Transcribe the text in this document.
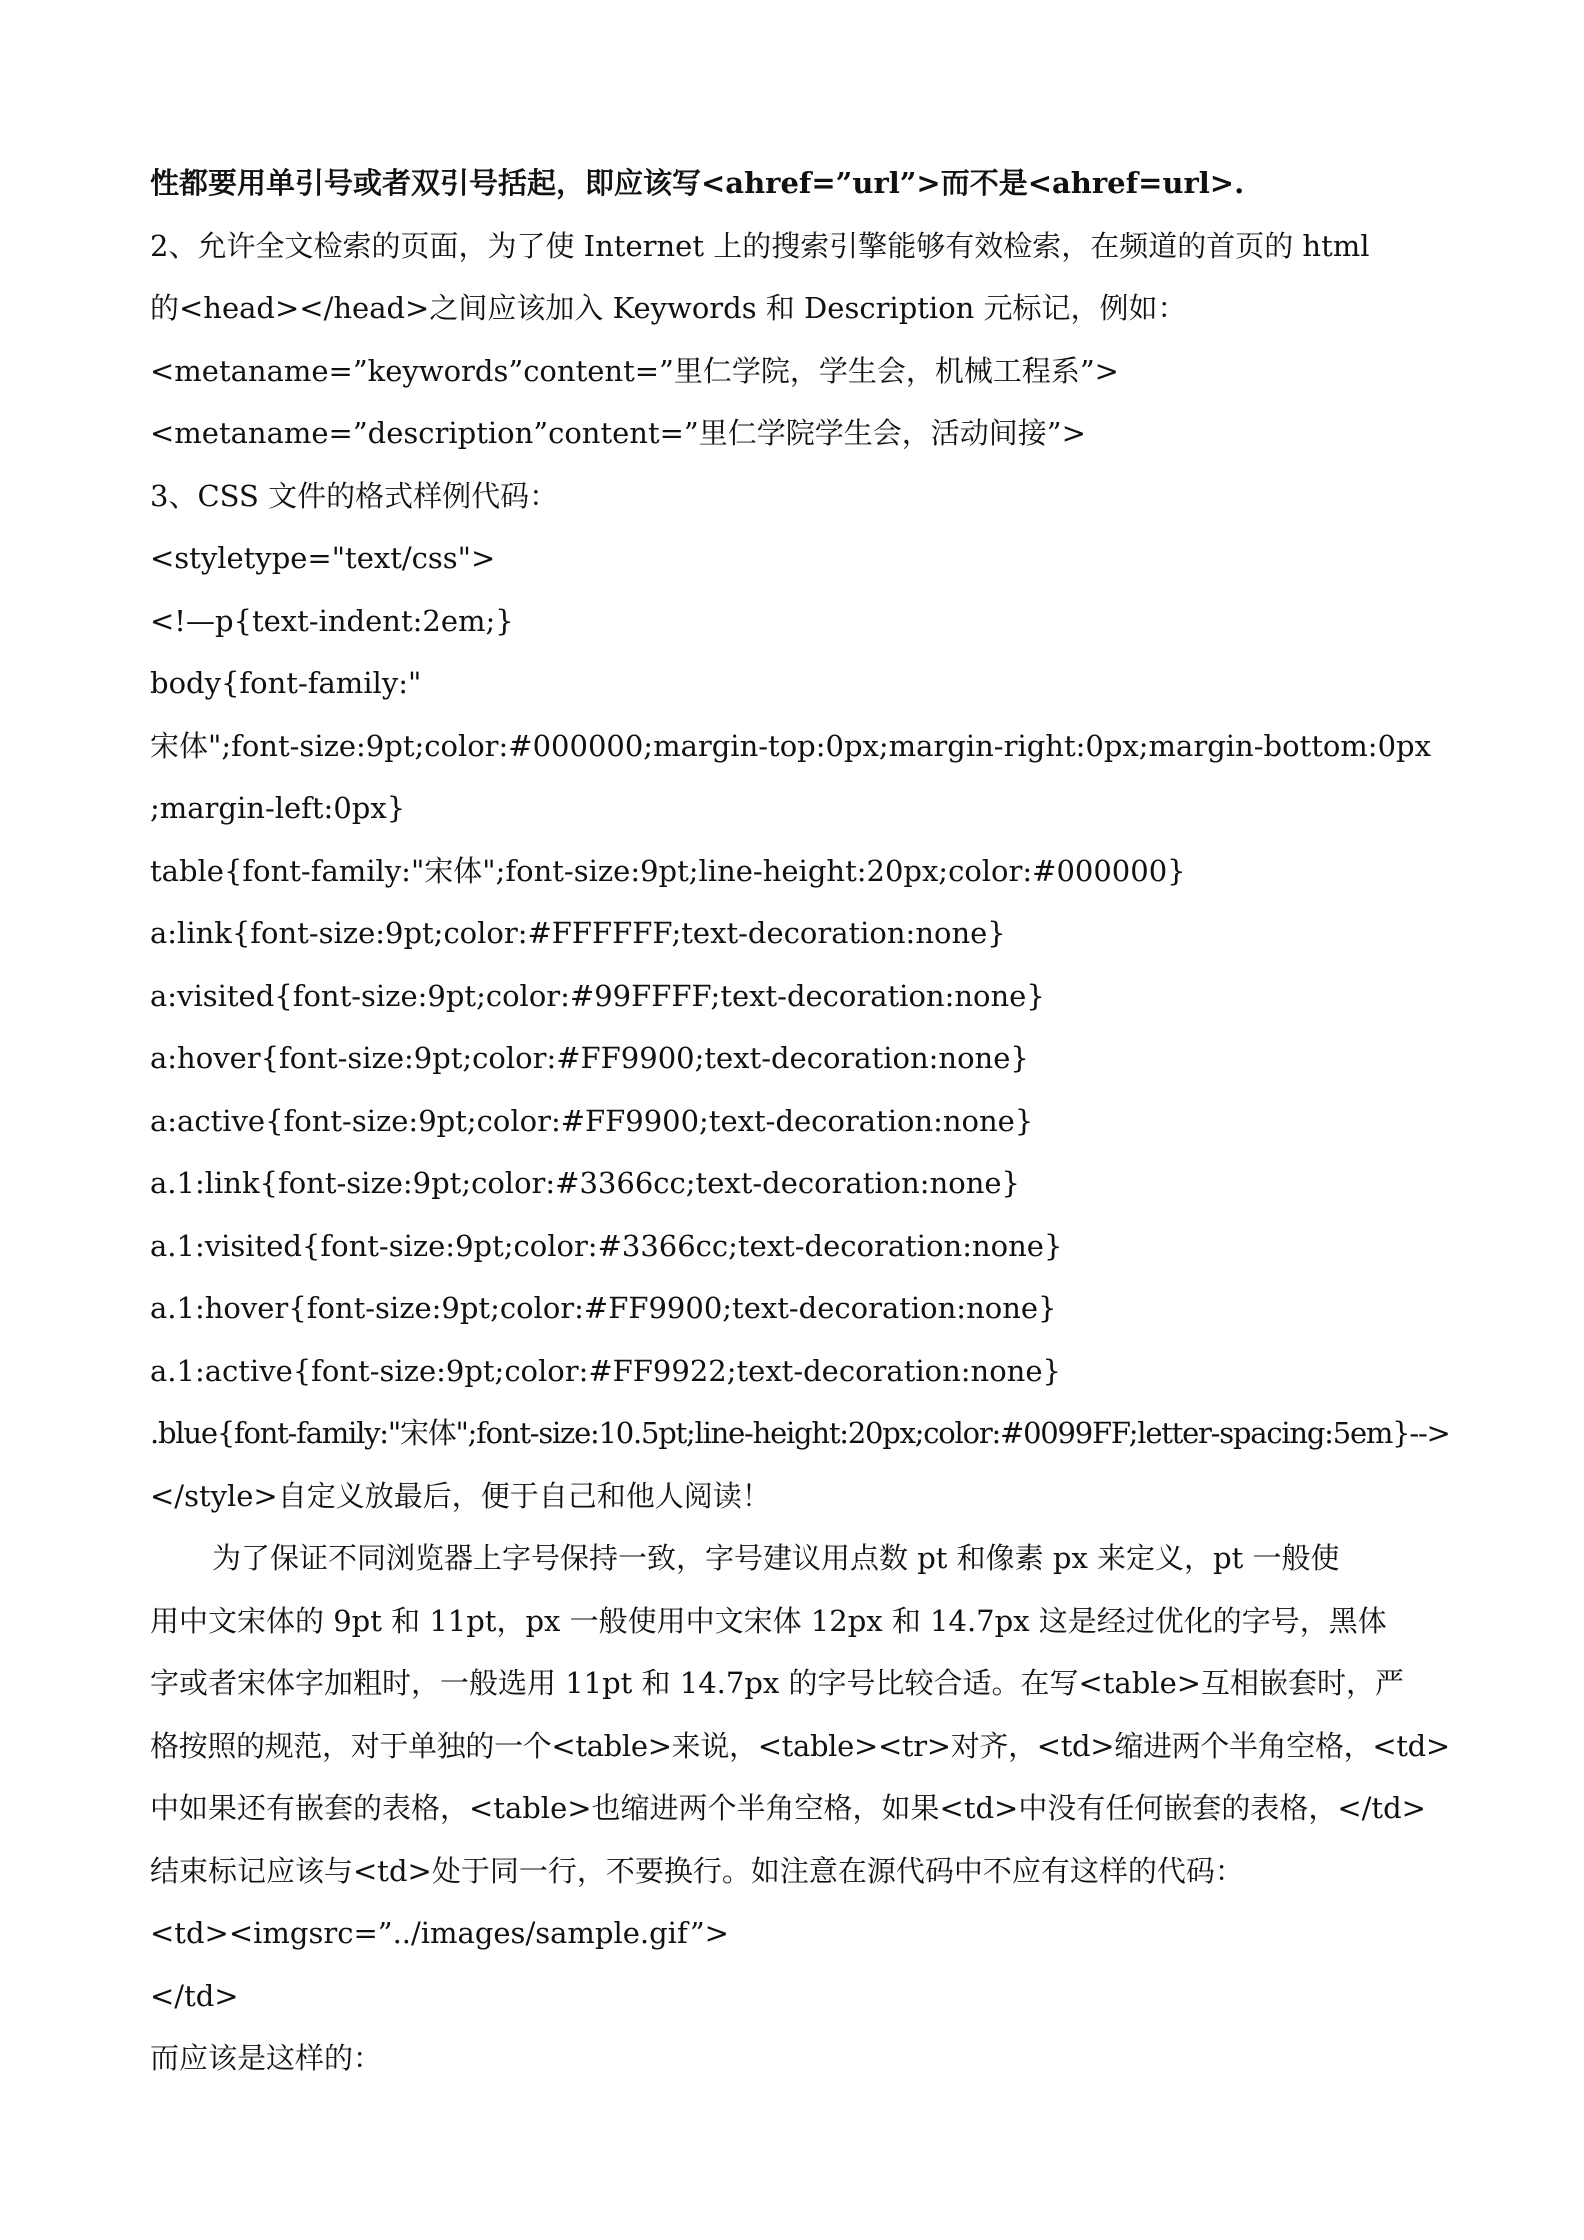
性都要用单引号或者双引号括起，即应该写<ahref=”url”>而不是<ahref=url>.
2、允许全文检索的页面，为了使 Internet 上的搜索引擎能够有效检索，在频道的首页的 html
的<head></head>之间应该加入 Keywords 和 Description 元标记，例如：
<metaname=”keywords”content=”里仁学院，学生会，机械工程系”>
<metaname=”description”content=”里仁学院学生会，活动间接”>
3、CSS 文件的格式样例代码：
<styletype="text/css">
<!—p{text-indent:2em;}
body{font-family:"
宋体";font-size:9pt;color:#000000;margin-top:0px;margin-right:0px;margin-bottom:0px
;margin-left:0px}
table{font-family:"宋体";font-size:9pt;line-height:20px;color:#000000}
a:link{font-size:9pt;color:#FFFFFF;text-decoration:none}
a:visited{font-size:9pt;color:#99FFFF;text-decoration:none}
a:hover{font-size:9pt;color:#FF9900;text-decoration:none}
a:active{font-size:9pt;color:#FF9900;text-decoration:none}
a.1:link{font-size:9pt;color:#3366cc;text-decoration:none}
a.1:visited{font-size:9pt;color:#3366cc;text-decoration:none}
a.1:hover{font-size:9pt;color:#FF9900;text-decoration:none}
a.1:active{font-size:9pt;color:#FF9922;text-decoration:none}
.blue{font-family:"宋体";font-size:10.5pt;line-height:20px;color:#0099FF;letter-spacing:5em}-->
</style>自定义放最后，便于自己和他人阅读！
为了保证不同浏览器上字号保持一致，字号建议用点数 pt 和像素 px 来定义，pt 一般使
用中文宋体的 9pt 和 11pt，px 一般使用中文宋体 12px 和 14.7px 这是经过优化的字号，黑体
字或者宋体字加粗时，一般选用 11pt 和 14.7px 的字号比较合适。在写<table>互相嵌套时，严
格按照的规范，对于单独的一个<table>来说，<table><tr>对齐，<td>缩进两个半角空格，<td>
中如果还有嵌套的表格，<table>也缩进两个半角空格，如果<td>中没有任何嵌套的表格，</td>
结束标记应该与<td>处于同一行，不要换行。如注意在源代码中不应有这样的代码：
<td><imgsrc=”../images/sample.gif”>
</td>
而应该是这样的：
